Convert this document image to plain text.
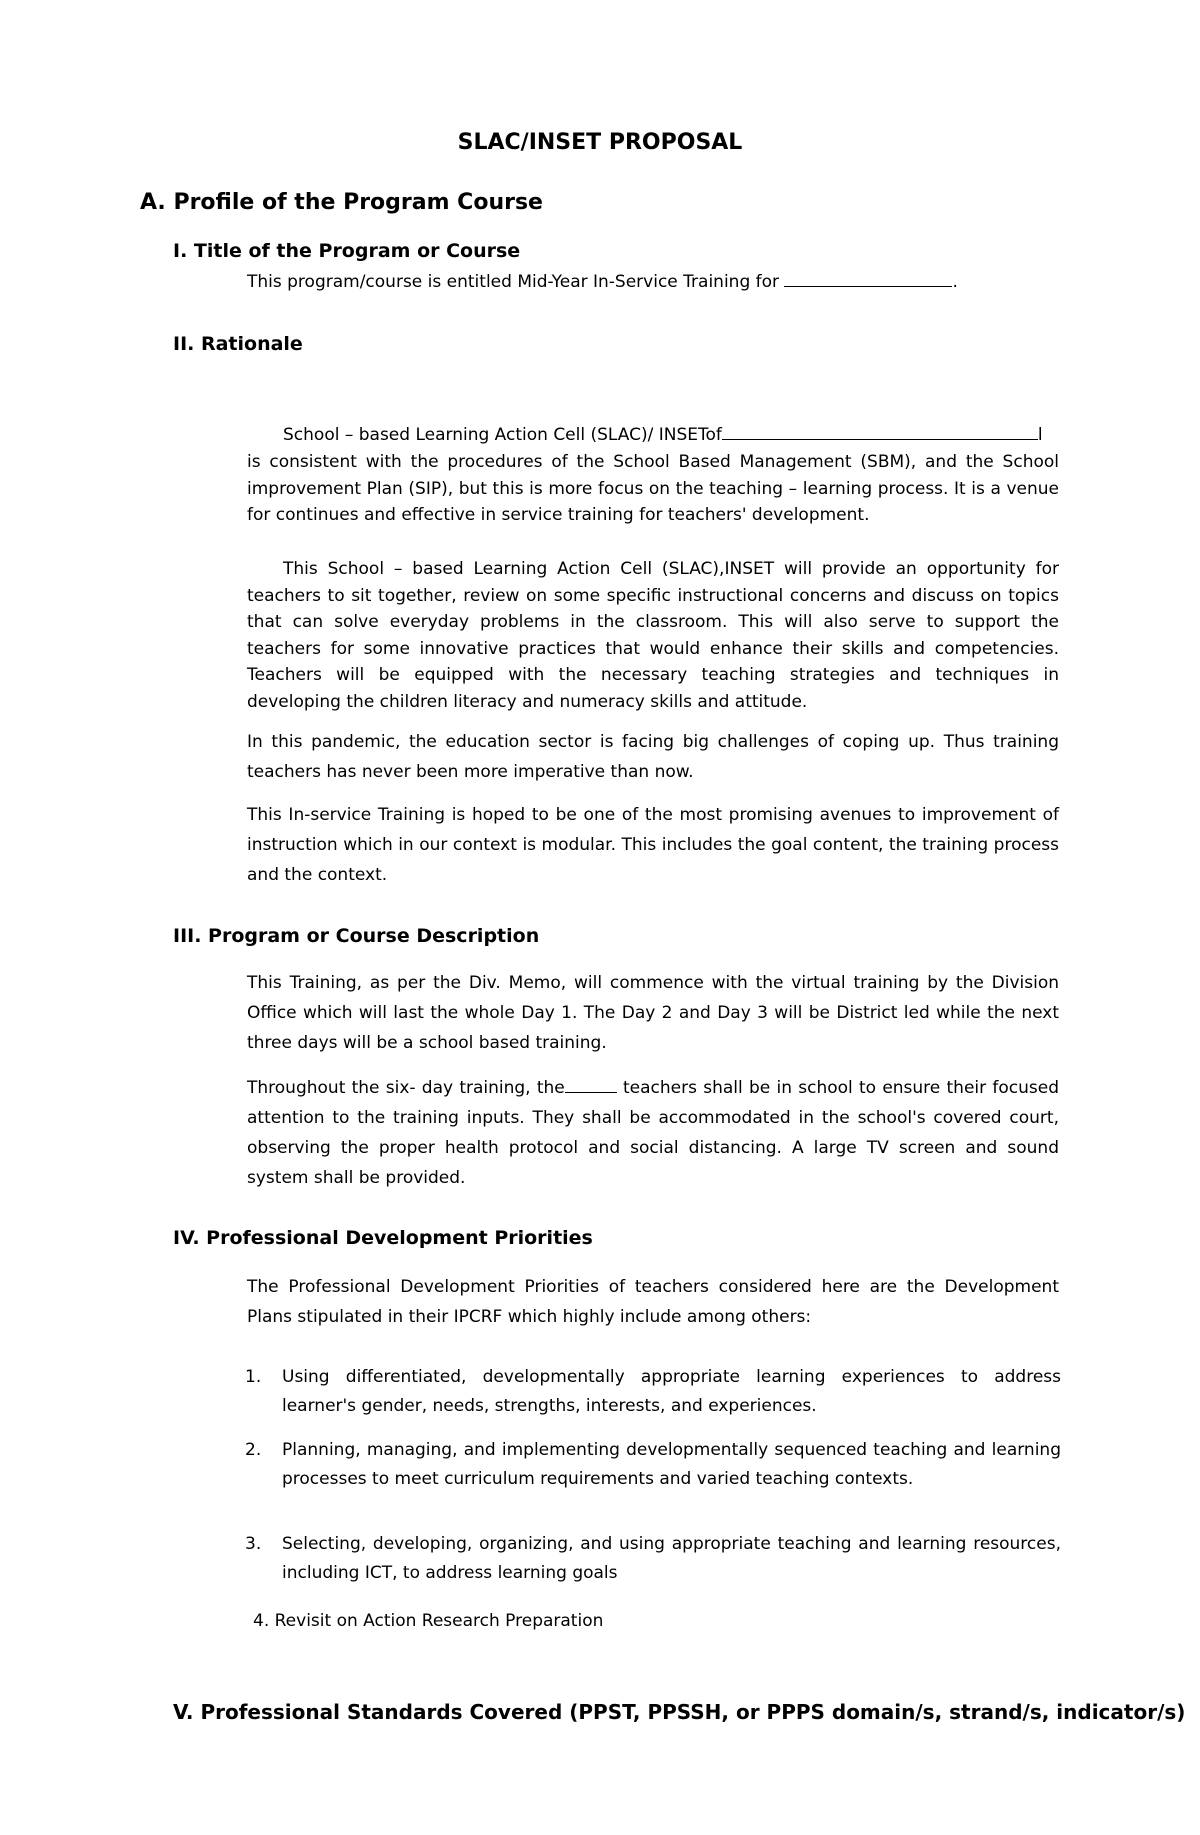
SLAC/INSET PROPOSAL
A. Profile of the Program Course
I. Title of the Program or Course
This program/course is entitled Mid-Year In-Service Training for	.
II. Rationale
School – based Learning Action Cell (SLAC)/ INSETof	l
is consistent with the procedures of the School Based Management (SBM), and the School improvement Plan (SIP), but this is more focus on the teaching – learning process. It is a venue for continues and effective in service training for teachers' development.
This School – based Learning Action Cell (SLAC),INSET will provide an opportunity for teachers to sit together, review on some specific instructional concerns and discuss on topics that can solve everyday problems in the classroom. This will also serve to support the teachers for some innovative practices that would enhance their skills and competencies. Teachers will be equipped with the necessary teaching strategies and techniques in developing the children literacy and numeracy skills and attitude.
In this pandemic, the education sector is facing big challenges of coping up. Thus training teachers has never been more imperative than now.
This In-service Training is hoped to be one of the most promising avenues to improvement of instruction which in our context is modular. This includes the goal content, the training process and the context.
III. Program or Course Description
This Training, as per the Div. Memo, will commence with the virtual training by the Division Office which will last the whole Day 1. The Day 2 and Day 3 will be District led while the next three days will be a school based training.
Throughout the six- day training, the	teachers shall be in school to ensure their focused attention to the training inputs. They shall be accommodated in the school's covered court, observing the proper health protocol and social distancing. A large TV screen and sound system shall be provided.
IV. Professional Development Priorities
The Professional Development Priorities of teachers considered here are the Development Plans stipulated in their IPCRF which highly include among others:
1. Using differentiated, developmentally appropriate learning experiences to address learner's gender, needs, strengths, interests, and experiences.
2. Planning, managing, and implementing developmentally sequenced teaching and learning processes to meet curriculum requirements and varied teaching contexts.
3. Selecting, developing, organizing, and using appropriate teaching and learning resources, including ICT, to address learning goals
4. Revisit on Action Research Preparation
V. Professional Standards Covered (PPST, PPSSH, or PPPS domain/s, strand/s, indicator/s)
